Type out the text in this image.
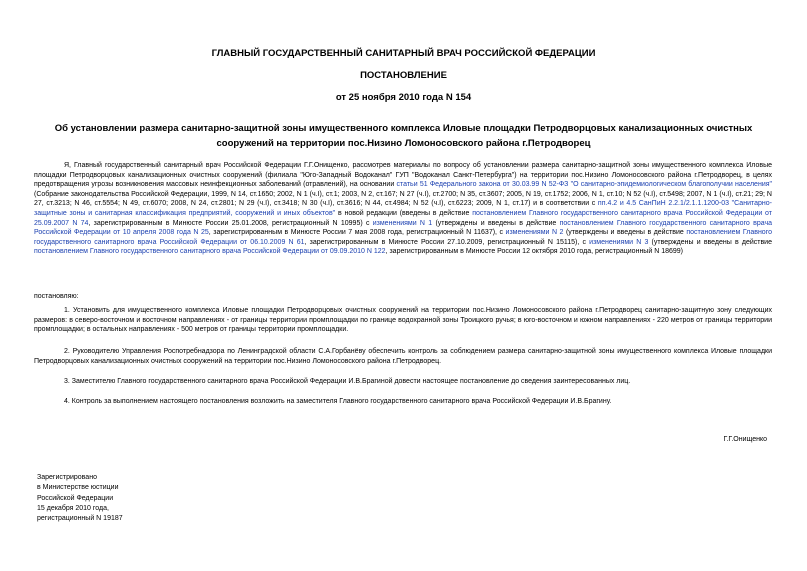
ГЛАВНЫЙ ГОСУДАРСТВЕННЫЙ САНИТАРНЫЙ ВРАЧ РОССИЙСКОЙ ФЕДЕРАЦИИ
ПОСТАНОВЛЕНИЕ
от 25 ноября 2010 года N 154
Об установлении размера санитарно-защитной зоны имущественного комплекса Иловые площадки Петродворцовых канализационных очистных сооружений на территории пос.Низино Ломоносовского района г.Петродворец
Я, Главный государственный санитарный врач Российской Федерации Г.Г.Онищенко, рассмотрев материалы по вопросу об установлении размера санитарно-защитной зоны имущественного комплекса Иловые площадки Петродворцовых канализационных очистных сооружений (филиала "Юго-Западный Водоканал" ГУП "Водоканал Санкт-Петербурга") на территории пос.Низино Ломоносовского района г.Петродворец, в целях предотвращения угрозы возникновения массовых неинфекционных заболеваний (отравлений), на основании статьи 51 Федерального закона от 30.03.99 N 52-ФЗ "О санитарно-эпидемиологическом благополучии населения" (Собрание законодательства Российской Федерации, 1999, N 14, ст.1650; 2002, N 1 (ч.I), ст.1; 2003, N 2, ст.167; N 27 (ч.I), ст.2700; N 35, ст.3607; 2005, N 19, ст.1752; 2006, N 1, ст.10; N 52 (ч.I), ст.5498; 2007, N 1 (ч.I), ст.21; 29; N 27, ст.3213; N 46, ст.5554; N 49, ст.6070; 2008, N 24, ст.2801; N 29 (ч.I), ст.3418; N 30 (ч.I), ст.3616; N 44, ст.4984; N 52 (ч.I), ст.6223; 2009, N 1, ст.17) и в соответствии с пп.4.2 и 4.5 СанПиН 2.2.1/2.1.1.1200-03 "Санитарно-защитные зоны и санитарная классификация предприятий, сооружений и иных объектов" в новой редакции (введены в действие постановлением Главного государственного санитарного врача Российской Федерации от 25.09.2007 N 74, зарегистрированным в Минюсте России 25.01.2008, регистрационный N 10995) с изменениями N 1 (утверждены и введены в действие постановлением Главного государственного санитарного врача Российской Федерации от 10 апреля 2008 года N 25, зарегистрированным в Минюсте России 7 мая 2008 года, регистрационный N 11637), с изменениями N 2 (утверждены и введены в действие постановлением Главного государственного санитарного врача Российской Федерации от 06.10.2009 N 61, зарегистрированным в Минюсте России 27.10.2009, регистрационный N 15115), с изменениями N 3 (утверждены и введены в действие постановлением Главного государственного санитарного врача Российской Федерации от 09.09.2010 N 122, зарегистрированным в Минюсте России 12 октября 2010 года, регистрационный N 18699)
постановляю:
1. Установить для имущественного комплекса Иловые площадки Петродворцовых очистных сооружений на территории пос.Низино Ломоносовского района г.Петродворец санитарно-защитную зону следующих размеров: в северо-восточном и восточном направлениях - от границы территории промплощадки по границе водохранной зоны Троицкого ручья; в юго-восточном и южном направлениях - 220 метров от границы территории промплощадки; в остальных направлениях - 500 метров от границы территории промплощадки.
2. Руководителю Управления Роспотребнадзора по Ленинградской области С.А.Горбанёву обеспечить контроль за соблюдением размера санитарно-защитной зоны имущественного комплекса Иловые площадки Петродворцовых канализационных очистных сооружений на территории пос.Низино Ломоносовского района г.Петродворец.
3. Заместителю Главного государственного санитарного врача Российской Федерации И.В.Брагиной довести настоящее постановление до сведения заинтересованных лиц.
4. Контроль за выполнением настоящего постановления возложить на заместителя Главного государственного санитарного врача Российской Федерации И.В.Брагину.
Г.Г.Онищенко
Зарегистрировано
в Министерстве юстиции
Российской Федерации
15 декабря 2010 года,
регистрационный N 19187
